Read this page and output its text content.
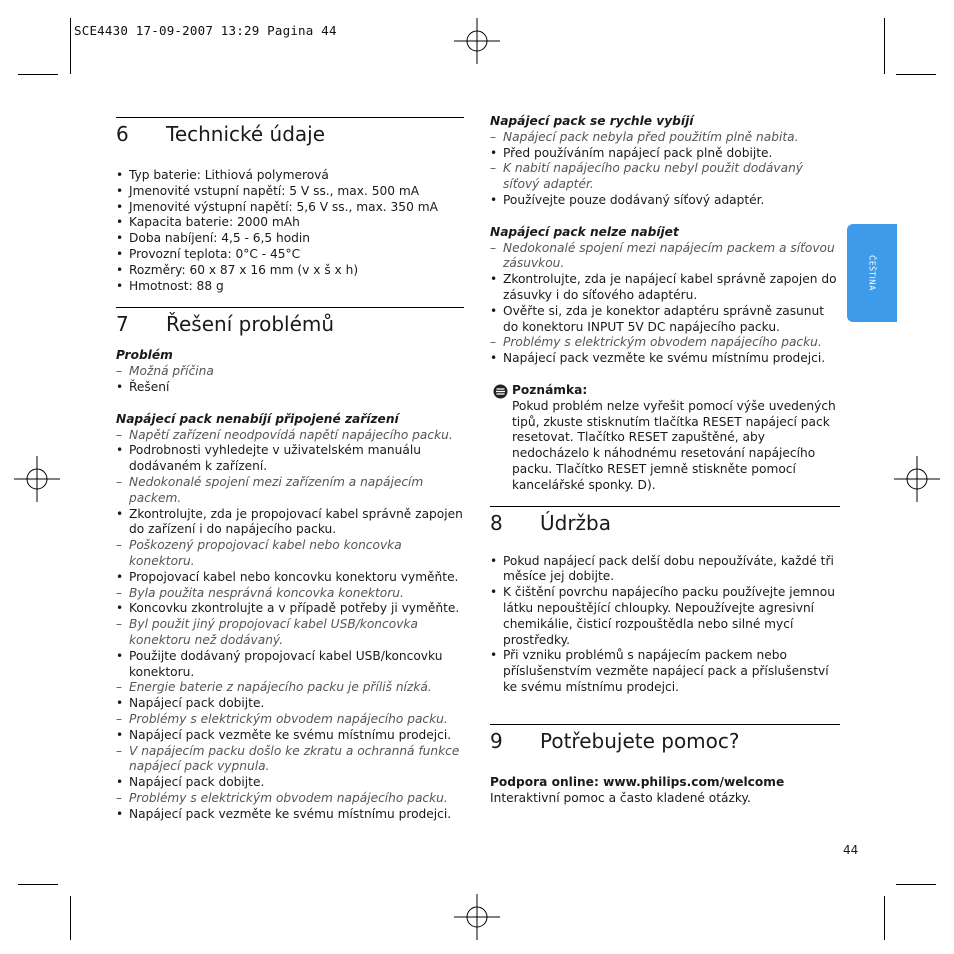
SCE4430 17-09-2007 13:29 Pagina 44
ČEŠTINA
6 Technické údaje
• Typ baterie: Lithiová polymerová
• Jmenovité vstupní napětí: 5 V ss., max. 500 mA
• Jmenovité výstupní napětí: 5,6 V ss., max. 350 mA
• Kapacita baterie: 2000 mAh
• Doba nabíjení: 4,5 - 6,5 hodin
• Provozní teplota: 0°C - 45°C
• Rozměry: 60 x 87 x 16 mm (v x š x h)
• Hmotnost: 88 g
7 Řešení problémů
Problém
– Možná příčina
• Řešení
Napájecí pack nenabíjí připojené zařízení
– Napětí zařízení neodpovídá napětí napájecího packu.
• Podrobnosti vyhledejte v uživatelském manuálu dodávaném k zařízení.
– Nedokonalé spojení mezi zařízením a napájecím packem.
• Zkontrolujte, zda je propojovací kabel správně zapojen do zařízení i do napájecího packu.
– Poškozený propojovací kabel nebo koncovka konektoru.
• Propojovací kabel nebo koncovku konektoru vyměňte.
– Byla použita nesprávná koncovka konektoru.
• Koncovku zkontrolujte a v případě potřeby ji vyměňte.
– Byl použit jiný propojovací kabel USB/koncovka konektoru než dodávaný.
• Použijte dodávaný propojovací kabel USB/koncovku konektoru.
– Energie baterie z napájecího packu je příliš nízká.
• Napájecí pack dobijte.
– Problémy s elektrickým obvodem napájecího packu.
• Napájecí pack vezměte ke svému místnímu prodejci.
– V napájecím packu došlo ke zkratu a ochranná funkce napájecí pack vypnula.
• Napájecí pack dobijte.
– Problémy s elektrickým obvodem napájecího packu.
• Napájecí pack vezměte ke svému místnímu prodejci.
Napájecí pack se rychle vybíjí
– Napájecí pack nebyla před použitím plně nabita.
• Před používáním napájecí pack plně dobijte.
– K nabití napájecího packu nebyl použit dodávaný síťový adaptér.
• Používejte pouze dodávaný síťový adaptér.
Napájecí pack nelze nabíjet
– Nedokonalé spojení mezi napájecím packem a síťovou zásuvkou.
• Zkontrolujte, zda je napájecí kabel správně zapojen do zásuvky i do síťového adaptéru.
• Ověřte si, zda je konektor adaptéru správně zasunut do konektoru INPUT 5V DC napájecího packu.
– Problémy s elektrickým obvodem napájecího packu.
• Napájecí pack vezměte ke svému místnímu prodejci.
Poznámka:
Pokud problém nelze vyřešit pomocí výše uvedených tipů, zkuste stisknutím tlačítka RESET napájecí pack resetovat. Tlačítko RESET zapuštěné, aby nedocházelo k náhodnému resetování napájecího packu. Tlačítko RESET jemně stiskněte pomocí kancelářské sponky. D).
8 Údržba
• Pokud napájecí pack delší dobu nepoužíváte, každé tři měsíce jej dobijte.
• K čištění povrchu napájecího packu používejte jemnou látku nepouštějící chloupky. Nepoužívejte agresivní chemikálie, čisticí rozpouštědla nebo silné mycí prostředky.
• Při vzniku problémů s napájecím packem nebo příslušenstvím vezměte napájecí pack a příslušenství ke svému místnímu prodejci.
9 Potřebujete pomoc?
Podpora online: www.philips.com/welcome
Interaktivní pomoc a často kladené otázky.
44
